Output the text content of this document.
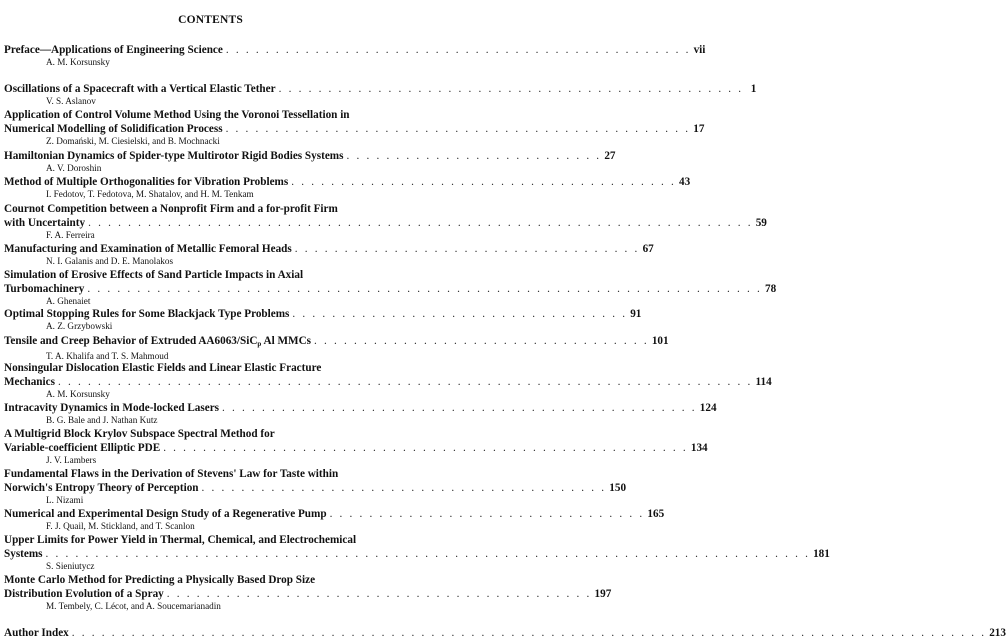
CONTENTS
Preface—Applications of Engineering Science . . . . . . . . . . . . . . . . . . . . . . . . . . . . . . . . . . . . . . . . . . . . . . . vii
A. M. Korsunsky
Oscillations of a Spacecraft with a Vertical Elastic Tether . . . . . . . . . . . . . . . . . . . . . . . . . . . . . . . . . . . . . . . . . . . . . . . 1
V. S. Aslanov
Application of Control Volume Method Using the Voronoi Tessellation in
Numerical Modelling of Solidification Process . . . . . . . . . . . . . . . . . . . . . . . . . . . . . . . . . . . . . . . . . . . . . . . 17
Z. Domański, M. Ciesielski, and B. Mochnacki
Hamiltonian Dynamics of Spider-type Multirotor Rigid Bodies Systems . . . . . . . . . . . . . . . . . . . . . . . . . . 27
A. V. Doroshin
Method of Multiple Orthogonalities for Vibration Problems . . . . . . . . . . . . . . . . . . . . . . . . . . . . . . . . . . . . . . . 43
I. Fedotov, T. Fedotova, M. Shatalov, and H. M. Tenkam
Cournot Competition between a Nonprofit Firm and a for-profit Firm
with Uncertainty . . . . . . . . . . . . . . . . . . . . . . . . . . . . . . . . . . . . . . . . . . . . . . . . . . . . . . . . . . . . . . . . . . . 59
F. A. Ferreira
Manufacturing and Examination of Metallic Femoral Heads . . . . . . . . . . . . . . . . . . . . . . . . . . . . . . . . . . . 67
N. I. Galanis and D. E. Manolakos
Simulation of Erosive Effects of Sand Particle Impacts in Axial
Turbomachinery . . . . . . . . . . . . . . . . . . . . . . . . . . . . . . . . . . . . . . . . . . . . . . . . . . . . . . . . . . . . . . . . . . . . 78
A. Ghenaiet
Optimal Stopping Rules for Some Blackjack Type Problems . . . . . . . . . . . . . . . . . . . . . . . . . . . . . . . . . . 91
A. Z. Grzybowski
Tensile and Creep Behavior of Extruded AA6063/SiC$_p$ Al MMCs . . . . . . . . . . . . . . . . . . . . . . . . . . . . . . . . . . 101
T. A. Khalifa and T. S. Mahmoud
Nonsingular Dislocation Elastic Fields and Linear Elastic Fracture
Mechanics . . . . . . . . . . . . . . . . . . . . . . . . . . . . . . . . . . . . . . . . . . . . . . . . . . . . . . . . . . . . . . . . . . . . . . 114
A. M. Korsunsky
Intracavity Dynamics in Mode-locked Lasers . . . . . . . . . . . . . . . . . . . . . . . . . . . . . . . . . . . . . . . . . . . . . . . . 124
B. G. Bale and J. Nathan Kutz
A Multigrid Block Krylov Subspace Spectral Method for
Variable-coefficient Elliptic PDE . . . . . . . . . . . . . . . . . . . . . . . . . . . . . . . . . . . . . . . . . . . . . . . . . . . . . 134
J. V. Lambers
Fundamental Flaws in the Derivation of Stevens' Law for Taste within
Norwich's Entropy Theory of Perception . . . . . . . . . . . . . . . . . . . . . . . . . . . . . . . . . . . . . . . . . 150
L. Nizami
Numerical and Experimental Design Study of a Regenerative Pump . . . . . . . . . . . . . . . . . . . . . . . . . . . . . . . . 165
F. J. Quail, M. Stickland, and T. Scanlon
Upper Limits for Power Yield in Thermal, Chemical, and Electrochemical
Systems . . . . . . . . . . . . . . . . . . . . . . . . . . . . . . . . . . . . . . . . . . . . . . . . . . . . . . . . . . . . . . . . . . . . . . . . . . . . . 181
S. Sieniutycz
Monte Carlo Method for Predicting a Physically Based Drop Size
Distribution Evolution of a Spray . . . . . . . . . . . . . . . . . . . . . . . . . . . . . . . . . . . . . . . . . . . 197
M. Tembely, C. Lécot, and A. Soucemarianadin
Author Index . . . . . . . . . . . . . . . . . . . . . . . . . . . . . . . . . . . . . . . . . . . . . . . . . . . . . . . . . . . . . . . . . . . . . . . . . . . . . . . . . . . . . . . . . . . . 213
